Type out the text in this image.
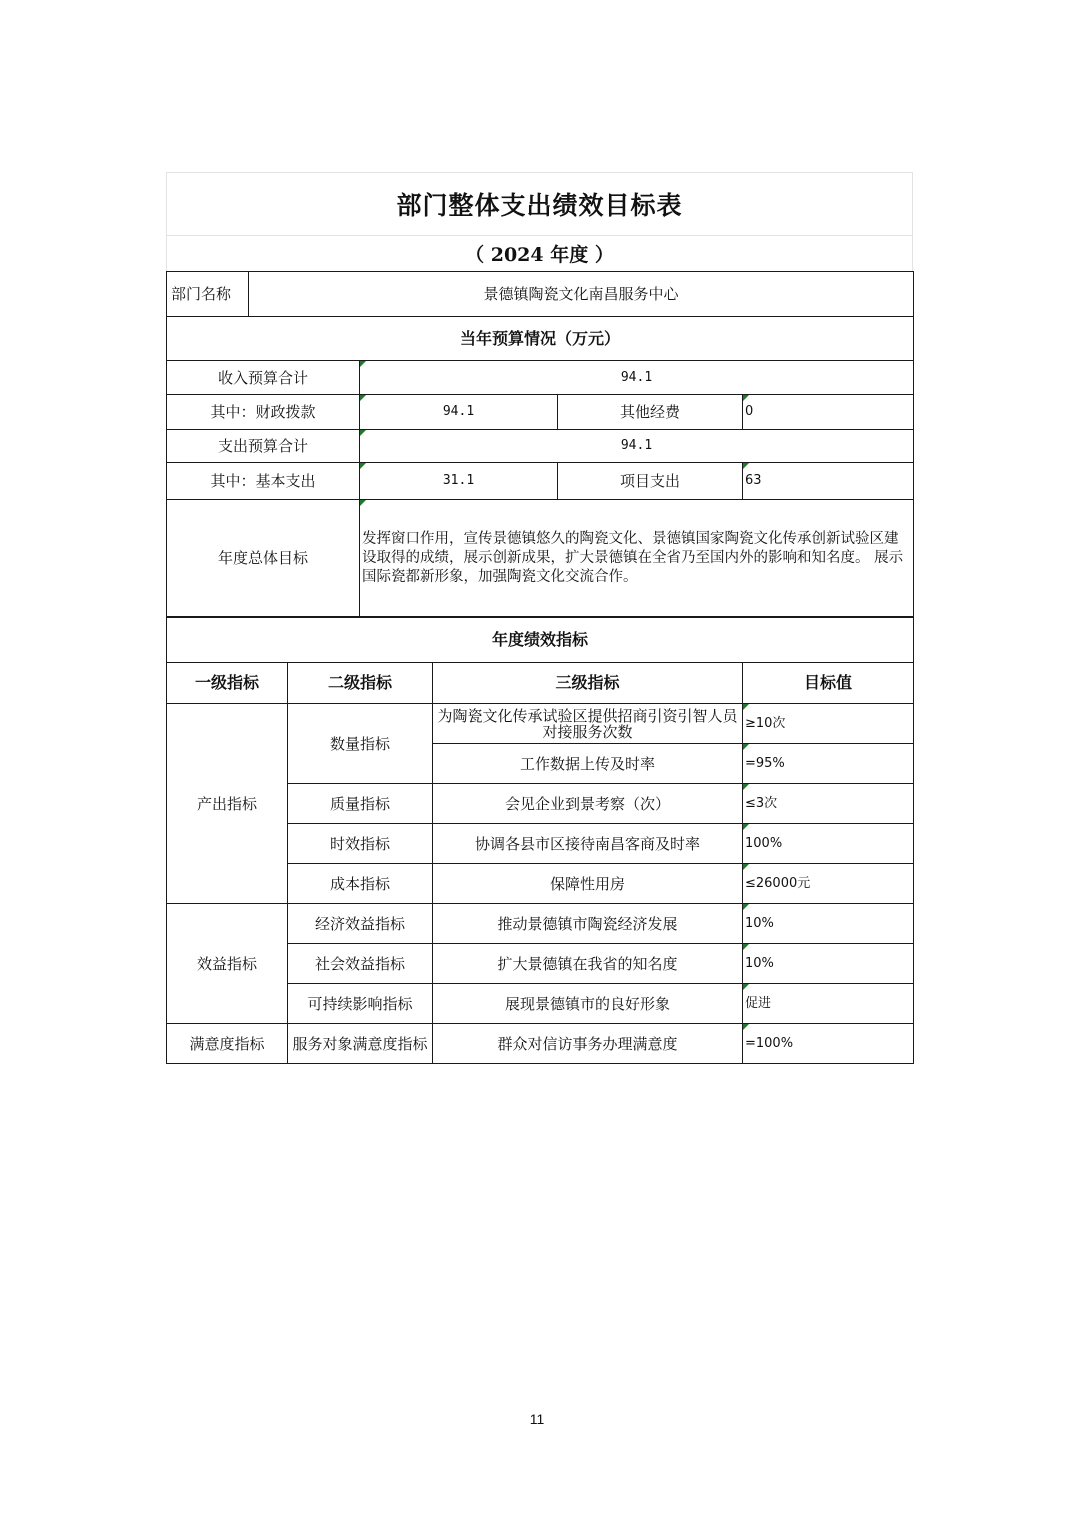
部门整体支出绩效目标表
（ 2024 年度 ）
部门名称	景德镇陶瓷文化南昌服务中心			
当年预算情况（万元）				
收入预算合计		94.1		
其中：财政拨款		94.1	其他经费	0
支出预算合计		94.1		
其中：基本支出		31.1	项目支出	63
年度总体目标		发挥窗口作用，宣传景德镇悠久的陶瓷文化、景德镇国家陶瓷文化传承创新试验区建设取得的成绩，展示创新成果，扩大景德镇在全省乃至国内外的影响和知名度。 展示国际瓷都新形象，加强陶瓷文化交流合作。		
年度绩效指标			
一级指标	二级指标	三级指标	目标值
产出指标	数量指标	为陶瓷文化传承试验区提供招商引资引智人员对接服务次数	≥10次
		工作数据上传及时率	=95%
	质量指标	会见企业到景考察（次）	≤3次
	时效指标	协调各县市区接待南昌客商及时率	100%
	成本指标	保障性用房	≤26000元
效益指标	经济效益指标	推动景德镇市陶瓷经济发展	10%
	社会效益指标	扩大景德镇在我省的知名度	10%
	可持续影响指标	展现景德镇市的良好形象	促进
满意度指标	服务对象满意度指标	群众对信访事务办理满意度	=100%
11
